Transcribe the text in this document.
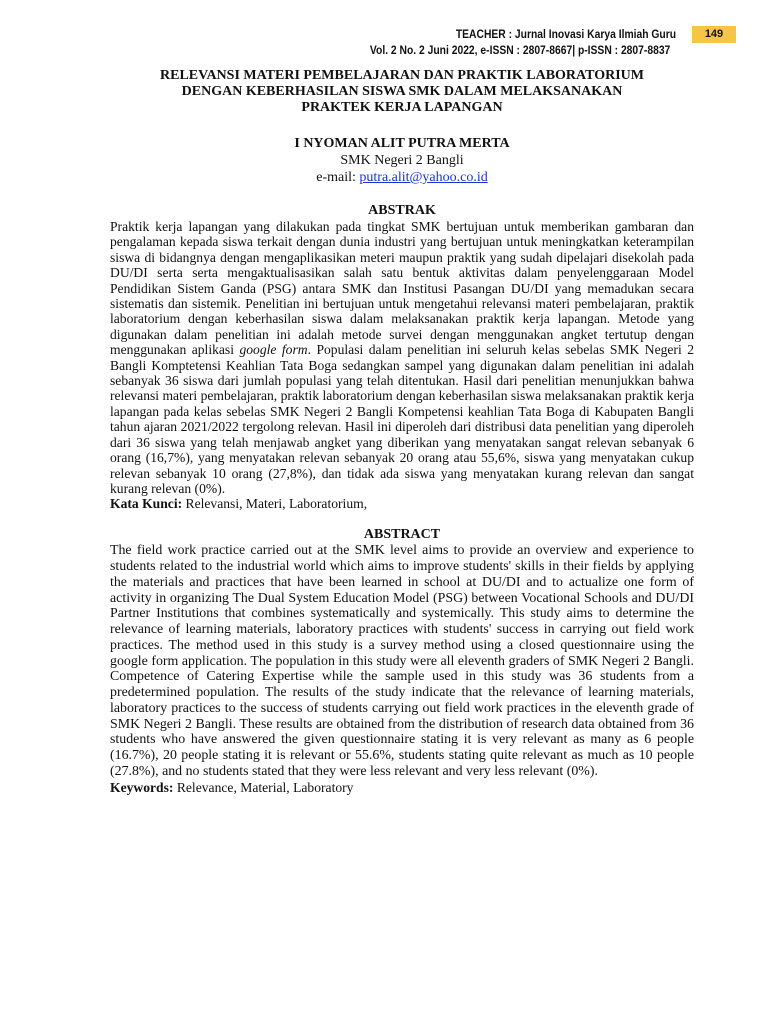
TEACHER : Jurnal Inovasi Karya Ilmiah Guru
Vol. 2 No. 2 Juni 2022, e-ISSN : 2807-8667| p-ISSN : 2807-8837
149
RELEVANSI MATERI PEMBELAJARAN DAN PRAKTIK LABORATORIUM
DENGAN KEBERHASILAN SISWA SMK DALAM MELAKSANAKAN
PRAKTEK KERJA LAPANGAN
I NYOMAN ALIT PUTRA MERTA
SMK Negeri 2 Bangli
e-mail: putra.alit@yahoo.co.id
ABSTRAK

Praktik kerja lapangan yang dilakukan pada tingkat SMK bertujuan untuk memberikan gambaran dan pengalaman kepada siswa terkait dengan dunia industri yang bertujuan untuk meningkatkan keterampilan siswa di bidangnya dengan mengaplikasikan meteri maupun praktik yang sudah dipelajari disekolah pada DU/DI serta serta mengaktualisasikan salah satu bentuk aktivitas dalam penyelenggaraan Model Pendidikan Sistem Ganda (PSG) antara SMK dan Institusi Pasangan DU/DI yang memadukan secara sistematis dan sistemik. Penelitian ini bertujuan untuk mengetahui relevansi materi pembelajaran, praktik laboratorium dengan keberhasilan siswa dalam melaksanakan praktik kerja lapangan. Metode yang digunakan dalam penelitian ini adalah metode survei dengan menggunakan angket tertutup dengan menggunakan aplikasi google form. Populasi dalam penelitian ini seluruh kelas sebelas SMK Negeri 2 Bangli Komptetensi Keahlian Tata Boga sedangkan sampel yang digunakan dalam penelitian ini adalah sebanyak 36 siswa dari jumlah populasi yang telah ditentukan. Hasil dari penelitian menunjukkan bahwa relevansi materi pembelajaran, praktik laboratorium dengan keberhasilan siswa melaksanakan praktik kerja lapangan pada kelas sebelas SMK Negeri 2 Bangli Kompetensi keahlian Tata Boga di Kabupaten Bangli tahun ajaran 2021/2022 tergolong relevan. Hasil ini diperoleh dari distribusi data penelitian yang diperoleh dari 36 siswa yang telah menjawab angket yang diberikan yang menyatakan sangat relevan sebanyak 6 orang (16,7%), yang menyatakan relevan sebanyak 20 orang atau 55,6%, siswa yang menyatakan cukup relevan sebanyak 10 orang (27,8%), dan tidak ada siswa yang menyatakan kurang relevan dan sangat kurang relevan (0%).

Kata Kunci: Relevansi, Materi, Laboratorium,
ABSTRACT

The field work practice carried out at the SMK level aims to provide an overview and experience to students related to the industrial world which aims to improve students' skills in their fields by applying the materials and practices that have been learned in school at DU/DI and to actualize one form of activity in organizing The Dual System Education Model (PSG) between Vocational Schools and DU/DI Partner Institutions that combines systematically and systemically. This study aims to determine the relevance of learning materials, laboratory practices with students' success in carrying out field work practices. The method used in this study is a survey method using a closed questionnaire using the google form application. The population in this study were all eleventh graders of SMK Negeri 2 Bangli. Competence of Catering Expertise while the sample used in this study was 36 students from a predetermined population. The results of the study indicate that the relevance of learning materials, laboratory practices to the success of students carrying out field work practices in the eleventh grade of SMK Negeri 2 Bangli. These results are obtained from the distribution of research data obtained from 36 students who have answered the given questionnaire stating it is very relevant as many as 6 people (16.7%), 20 people stating it is relevant or 55.6%, students stating quite relevant as much as 10 people (27.8%), and no students stated that they were less relevant and very less relevant (0%).

Keywords: Relevance, Material, Laboratory
